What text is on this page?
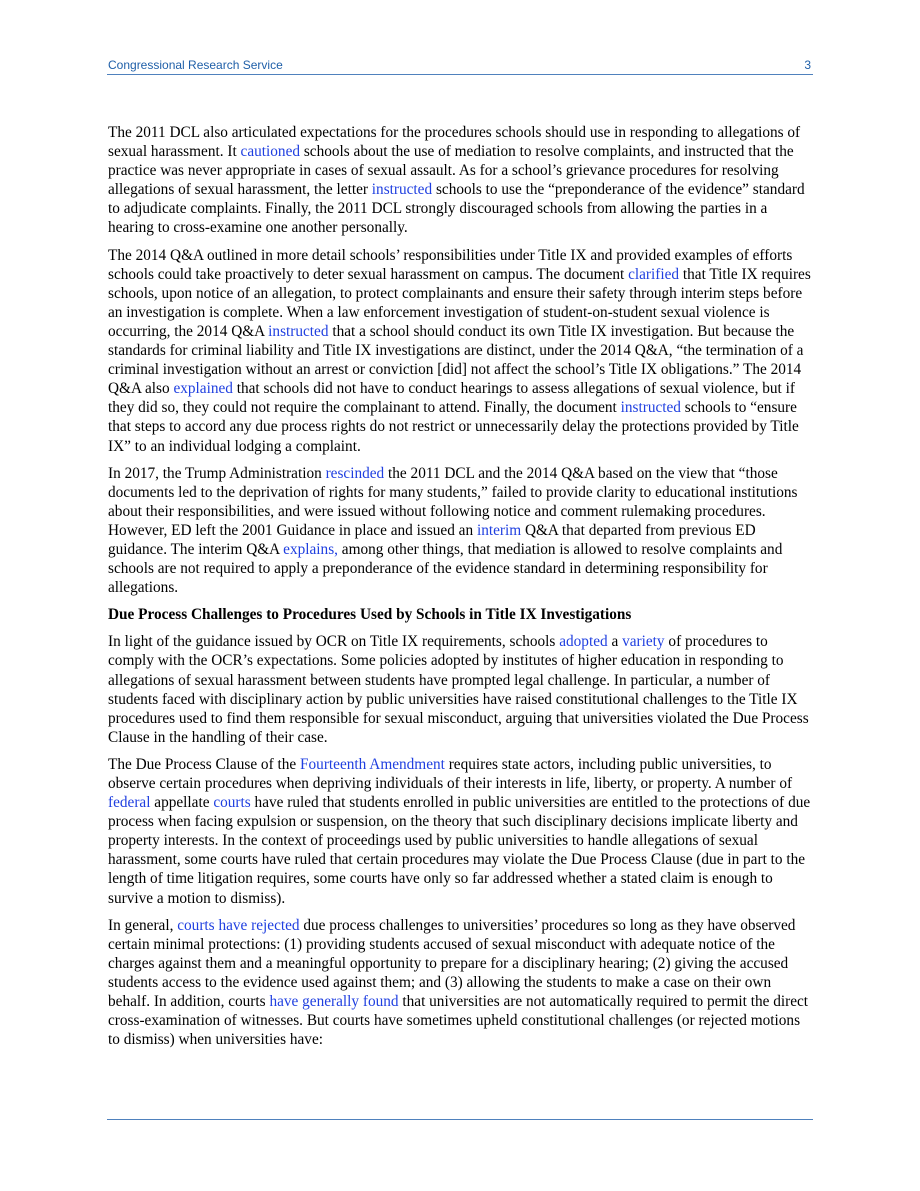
Congressional Research Service	3

The 2011 DCL also articulated expectations for the procedures schools should use in responding to allegations of sexual harassment. It cautioned schools about the use of mediation to resolve complaints, and instructed that the practice was never appropriate in cases of sexual assault. As for a school’s grievance procedures for resolving allegations of sexual harassment, the letter instructed schools to use the “preponderance of the evidence” standard to adjudicate complaints. Finally, the 2011 DCL strongly discouraged schools from allowing the parties in a hearing to cross-examine one another personally.

The 2014 Q&A outlined in more detail schools’ responsibilities under Title IX and provided examples of efforts schools could take proactively to deter sexual harassment on campus. The document clarified that Title IX requires schools, upon notice of an allegation, to protect complainants and ensure their safety through interim steps before an investigation is complete. When a law enforcement investigation of student-on-student sexual violence is occurring, the 2014 Q&A instructed that a school should conduct its own Title IX investigation. But because the standards for criminal liability and Title IX investigations are distinct, under the 2014 Q&A, “the termination of a criminal investigation without an arrest or conviction [did] not affect the school’s Title IX obligations.” The 2014 Q&A also explained that schools did not have to conduct hearings to assess allegations of sexual violence, but if they did so, they could not require the complainant to attend. Finally, the document instructed schools to “ensure that steps to accord any due process rights do not restrict or unnecessarily delay the protections provided by Title IX” to an individual lodging a complaint.

In 2017, the Trump Administration rescinded the 2011 DCL and the 2014 Q&A based on the view that “those documents led to the deprivation of rights for many students,” failed to provide clarity to educational institutions about their responsibilities, and were issued without following notice and comment rulemaking procedures. However, ED left the 2001 Guidance in place and issued an interim Q&A that departed from previous ED guidance. The interim Q&A explains, among other things, that mediation is allowed to resolve complaints and schools are not required to apply a preponderance of the evidence standard in determining responsibility for allegations.

Due Process Challenges to Procedures Used by Schools in Title IX Investigations

In light of the guidance issued by OCR on Title IX requirements, schools adopted a variety of procedures to comply with the OCR’s expectations. Some policies adopted by institutes of higher education in responding to allegations of sexual harassment between students have prompted legal challenge. In particular, a number of students faced with disciplinary action by public universities have raised constitutional challenges to the Title IX procedures used to find them responsible for sexual misconduct, arguing that universities violated the Due Process Clause in the handling of their case.

The Due Process Clause of the Fourteenth Amendment requires state actors, including public universities, to observe certain procedures when depriving individuals of their interests in life, liberty, or property. A number of federal appellate courts have ruled that students enrolled in public universities are entitled to the protections of due process when facing expulsion or suspension, on the theory that such disciplinary decisions implicate liberty and property interests. In the context of proceedings used by public universities to handle allegations of sexual harassment, some courts have ruled that certain procedures may violate the Due Process Clause (due in part to the length of time litigation requires, some courts have only so far addressed whether a stated claim is enough to survive a motion to dismiss).

In general, courts have rejected due process challenges to universities’ procedures so long as they have observed certain minimal protections: (1) providing students accused of sexual misconduct with adequate notice of the charges against them and a meaningful opportunity to prepare for a disciplinary hearing; (2) giving the accused students access to the evidence used against them; and (3) allowing the students to make a case on their own behalf. In addition, courts have generally found that universities are not automatically required to permit the direct cross-examination of witnesses. But courts have sometimes upheld constitutional challenges (or rejected motions to dismiss) when universities have:
